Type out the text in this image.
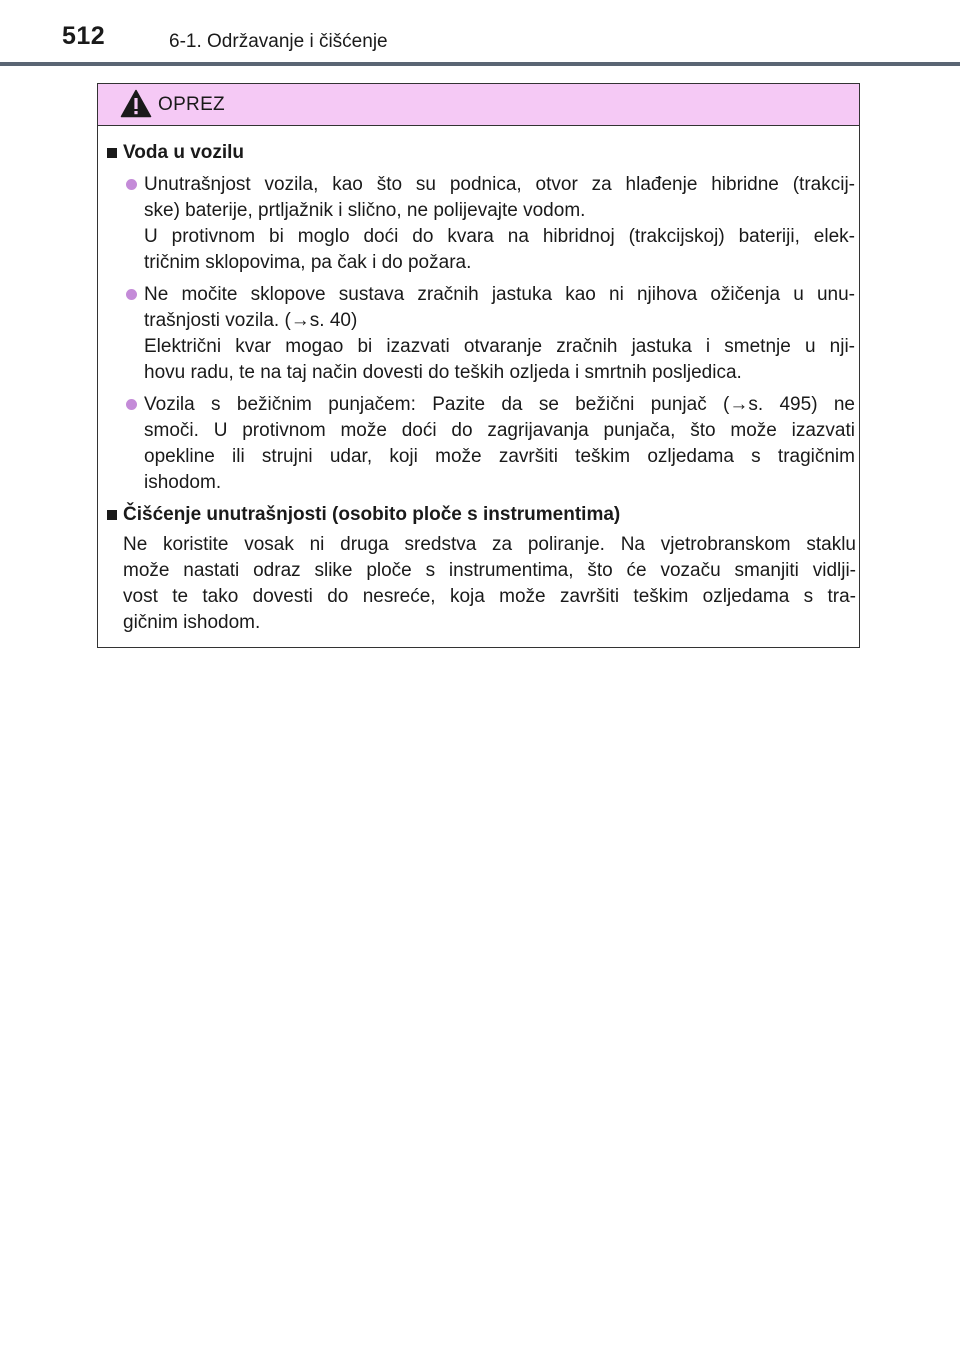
512	6-1. Održavanje i čišćenje
OPREZ
Voda u vozilu
Unutrašnjost vozila, kao što su podnica, otvor za hlađenje hibridne (trakcij-
ske) baterije, prtljažnik i slično, ne polijevajte vodom.
U protivnom bi moglo doći do kvara na hibridnoj (trakcijskoj) bateriji, elek-
tričnim sklopovima, pa čak i do požara.
Ne močite sklopove sustava zračnih jastuka kao ni njihova ožičenja u unu-
trašnjosti vozila. (→s. 40)
Električni kvar mogao bi izazvati otvaranje zračnih jastuka i smetnje u nji-
hovu radu, te na taj način dovesti do teških ozljeda i smrtnih posljedica.
Vozila s bežičnim punjačem: Pazite da se bežični punjač (→s. 495) ne
smoči. U protivnom može doći do zagrijavanja punjača, što može izazvati
opekline ili strujni udar, koji može završiti teškim ozljedama s tragičnim
ishodom.
Čišćenje unutrašnjosti (osobito ploče s instrumentima)
Ne koristite vosak ni druga sredstva za poliranje. Na vjetrobranskom staklu
može nastati odraz slike ploče s instrumentima, što će vozaču smanjiti vidlji-
vost te tako dovesti do nesreće, koja može završiti teškim ozljedama s tra-
gičnim ishodom.
